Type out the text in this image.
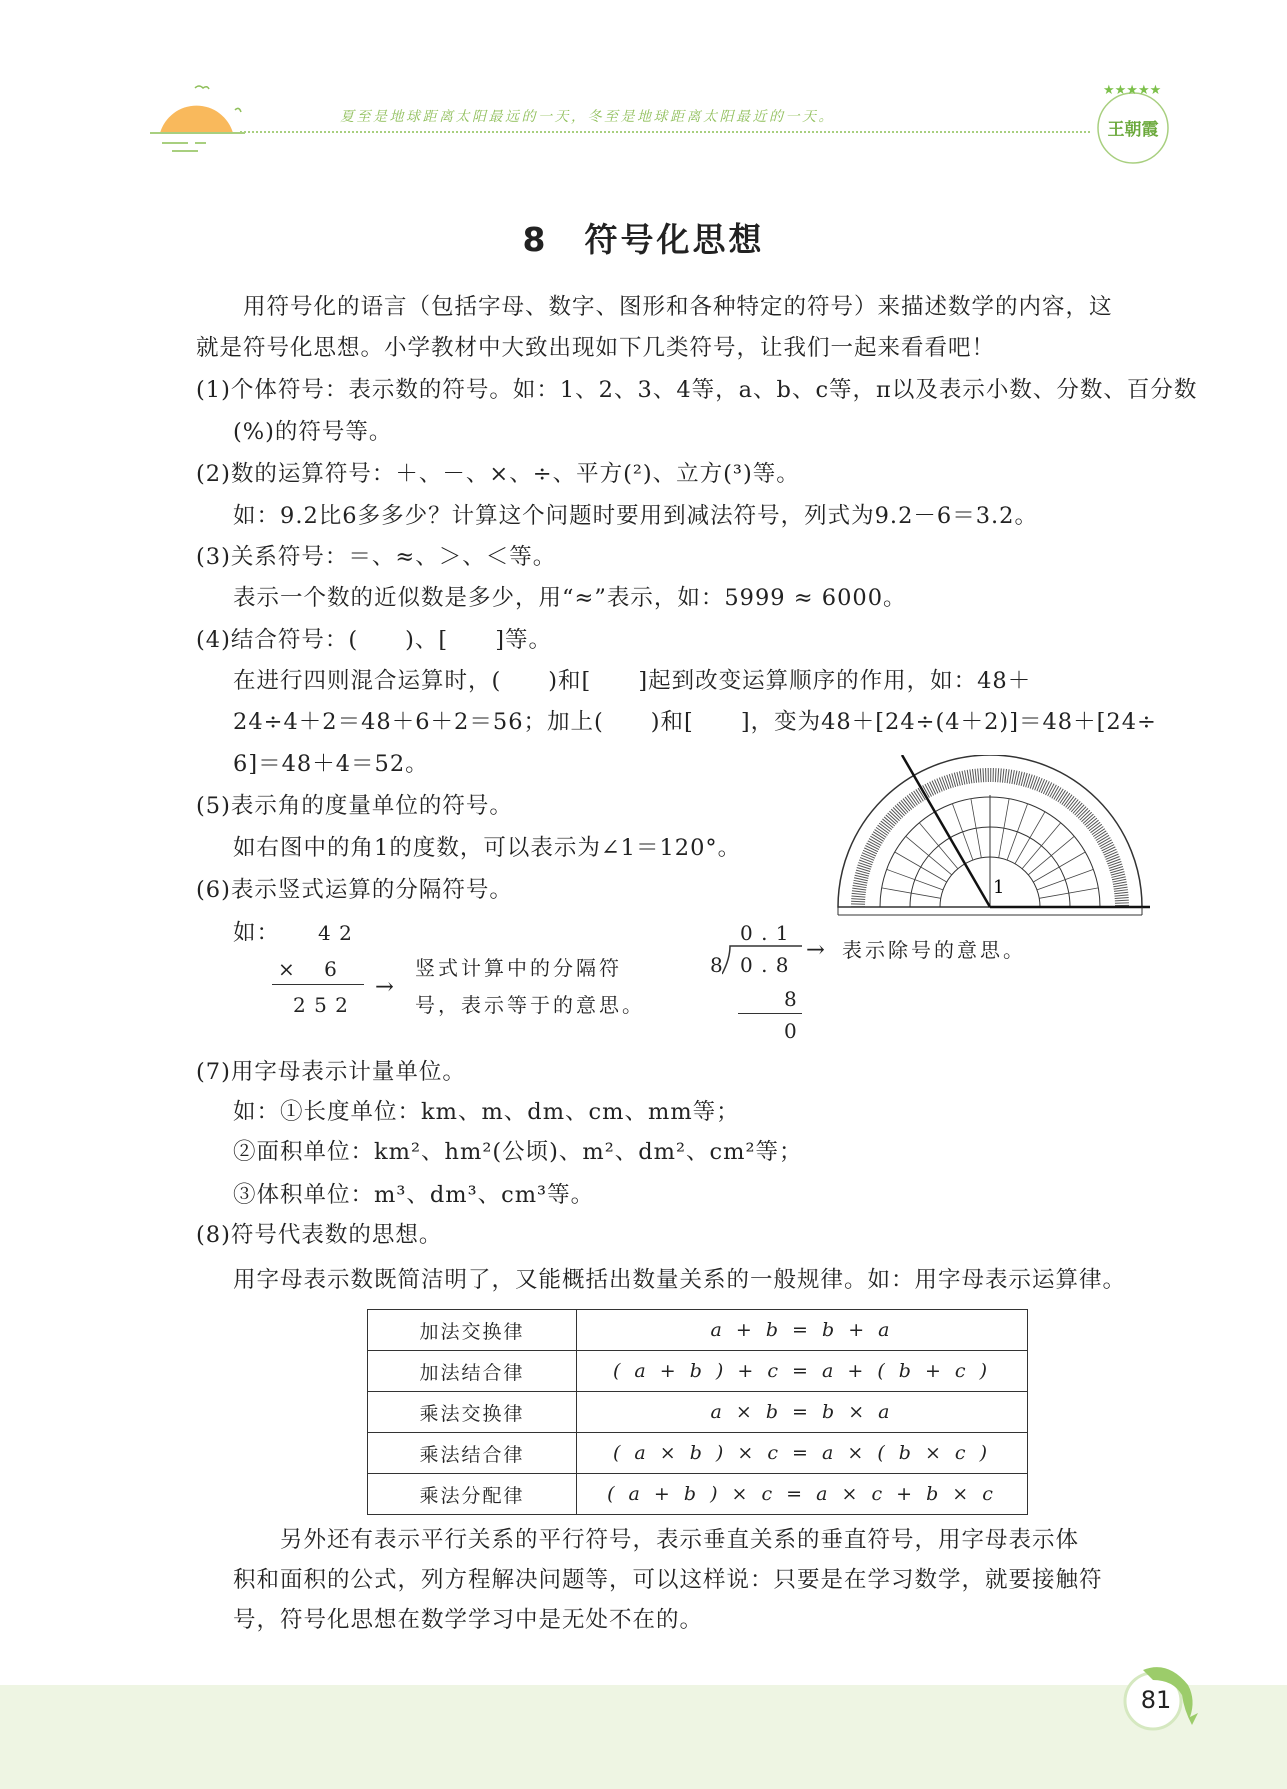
夏至是地球距离太阳最远的一天，冬至是地球距离太阳最近的一天。
★★★★★
王朝霞
8　符号化思想
　　用符号化的语言（包括字母、数字、图形和各种特定的符号）来描述数学的内容，这
就是符号化思想。小学教材中大致出现如下几类符号，让我们一起来看看吧！
(1)个体符号：表示数的符号。如：1、2、3、4等，a、b、c等，π以及表示小数、分数、百分数
(%)的符号等。
(2)数的运算符号：＋、－、×、÷、平方(²)、立方(³)等。
如：9.2比6多多少？计算这个问题时要用到减法符号，列式为9.2－6＝3.2。
(3)关系符号：＝、≈、＞、＜等。
表示一个数的近似数是多少，用“≈”表示，如：5999 ≈ 6000。
(4)结合符号：(　　)、[　　]等。
在进行四则混合运算时，(　　)和[　　]起到改变运算顺序的作用，如：48＋
24÷4＋2＝48＋6＋2＝56；加上(　　)和[　　]，变为48＋[24÷(4＋2)]＝48＋[24÷
6]＝48＋4＝52。
(5)表示角的度量单位的符号。
如右图中的角1的度数，可以表示为∠1＝120°。
(6)表示竖式运算的分隔符号。	1
如： 4 2
×　 6
2 5 2
→
竖式计算中的分隔符
号，表示等于的意思。
0 . 1
8 0 . 8
8
0
→ 表示除号的意思。
(7)用字母表示计量单位。
如：①长度单位：km、m、dm、cm、mm等；
②面积单位：km²、hm²(公顷)、m²、dm²、cm²等；
③体积单位：m³、dm³、cm³等。
(8)符号代表数的思想。
用字母表示数既简洁明了，又能概括出数量关系的一般规律。如：用字母表示运算律。
加法交换律	a + b = b + a
加法结合律	( a + b ) + c = a + ( b + c )
乘法交换律	a × b = b × a
乘法结合律	( a × b ) × c = a × ( b × c )
乘法分配律	( a + b ) × c = a × c + b × c
　　另外还有表示平行关系的平行符号，表示垂直关系的垂直符号，用字母表示体
积和面积的公式，列方程解决问题等，可以这样说：只要是在学习数学，就要接触符
号，符号化思想在数学学习中是无处不在的。
81
